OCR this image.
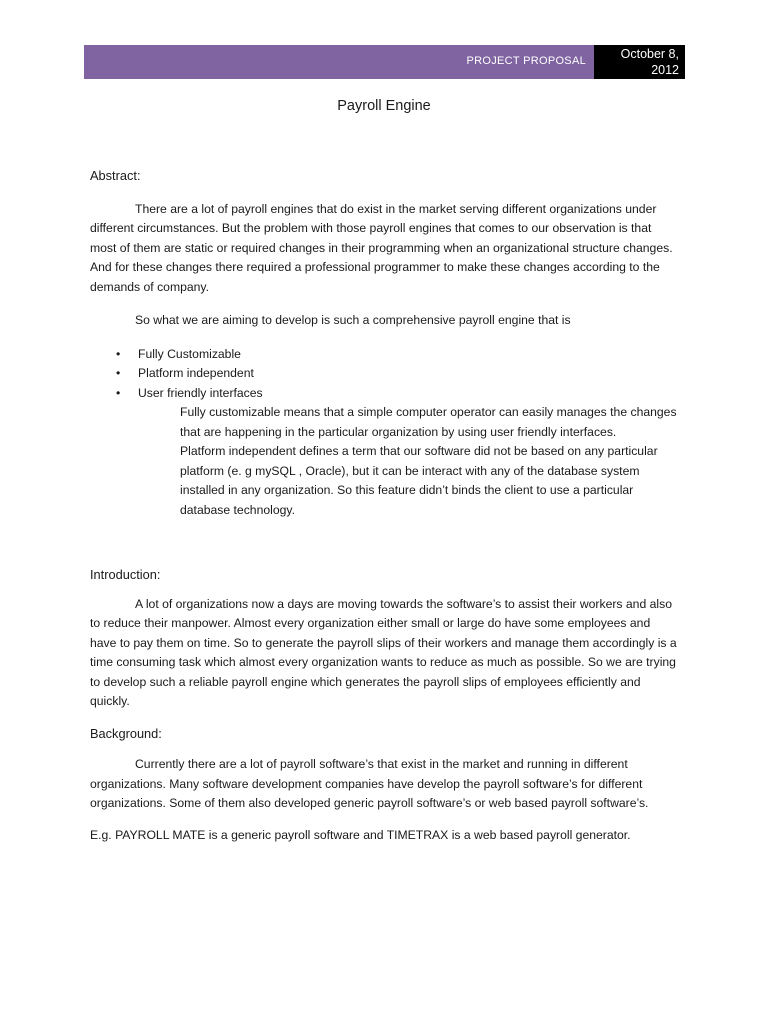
PROJECT PROPOSAL	October 8,
2012
Payroll Engine

Abstract:

There are a lot of payroll engines that do exist in the market serving different organizations under different circumstances. But the problem with those payroll engines that comes to our observation is that most of them are static or required changes in their programming when an organizational structure changes. And for these changes there required a professional programmer to make these changes according to the demands of company.

So what we are aiming to develop is such a comprehensive payroll engine that is

• Fully Customizable
• Platform independent
• User friendly interfaces

Fully customizable means that a simple computer operator can easily manages the changes that are happening in the particular organization by using user friendly interfaces.

Platform independent defines a term that our software did not be based on any particular platform (e. g mySQL , Oracle), but it can be interact with any of the database system installed in any organization. So this feature didn’t binds the client to use a particular database technology.

Introduction:

A lot of organizations now a days are moving towards the software’s to assist their workers and also to reduce their manpower. Almost every organization either small or large do have some employees and have to pay them on time. So to generate the payroll slips of their workers and manage them accordingly is a time consuming task which almost every organization wants to reduce as much as possible. So we are trying to develop such a reliable payroll engine which generates the payroll slips of employees efficiently and quickly.

Background:

Currently there are a lot of payroll software’s that exist in the market and running in different organizations. Many software development companies have develop the payroll software’s for different organizations. Some of them also developed generic payroll software’s or web based payroll software’s.

E.g. PAYROLL MATE is a generic payroll software and TIMETRAX is a web based payroll generator.
